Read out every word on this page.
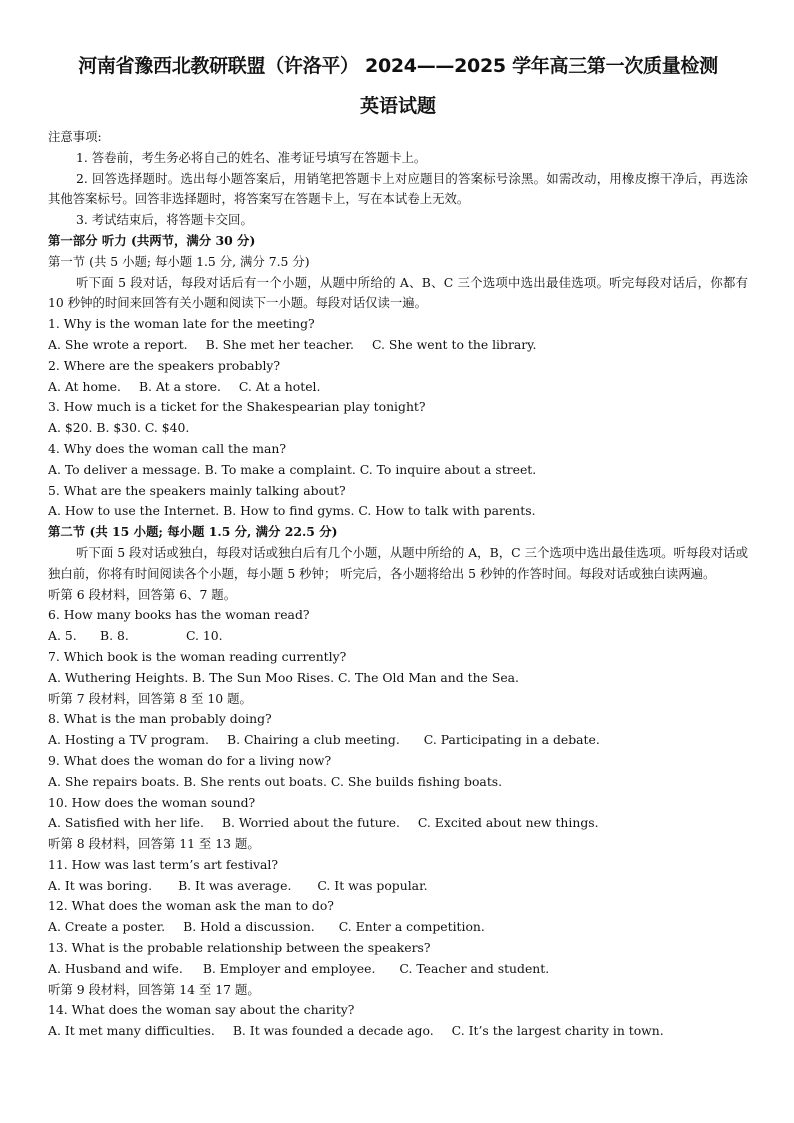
河南省豫西北教研联盟（许洛平） 2024——2025 学年高三第一次质量检测
英语试题
注意事项:
1. 答卷前，考生务必将自己的姓名、准考证号填写在答题卡上。
2. 回答选择题时。选出每小题答案后，用销笔把答题卡上对应题目的答案标号涂黑。如需改动，用橡皮擦干净后，再选涂其他答案标号。回答非选择题时，将答案写在答题卡上，写在本试卷上无效。
3. 考试结束后，将答题卡交回。
第一部分 听力 (共两节，满分 30 分)
第一节 (共 5 小题; 每小题 1.5 分, 满分 7.5 分)
听下面 5 段对话，每段对话后有一个小题，从题中所给的 A、B、C 三个选项中选出最佳选项。听完每段对话后，你都有 10 秒钟的时间来回答有关小题和阅读下一小题。每段对话仅读一遍。
1. Why is the woman late for the meeting?
A. She wrote a report. B. She met her teacher. C. She went to the library.
2. Where are the speakers probably?
A. At home. B. At a store. C. At a hotel.
3. How much is a ticket for the Shakespearian play tonight?
A. $20. B. $30. C. $40.
4. Why does the woman call the man?
A. To deliver a message. B. To make a complaint. C. To inquire about a street.
5. What are the speakers mainly talking about?
A. How to use the Internet. B. How to find gyms. C. How to talk with parents.
第二节 (共 15 小题; 每小题 1.5 分, 满分 22.5 分)
听下面 5 段对话或独白，每段对话或独白后有几个小题，从题中所给的 A，B，C 三个选项中选出最佳选项。听每段对话或独白前，你将有时间阅读各个小题，每小题 5 秒钟； 听完后，各小题将给出 5 秒钟的作答时间。每段对话或独白读两遍。
听第 6 段材料，回答第 6、7 题。
6. How many books has the woman read?
A. 5. B. 8.	C. 10.
7. Which book is the woman reading currently?
A. Wuthering Heights. B. The Sun Moo Rises. C. The Old Man and the Sea.
听第 7 段材料，回答第 8 至 10 题。
8. What is the man probably doing?
A. Hosting a TV program. B. Chairing a club meeting. C. Participating in a debate.
9. What does the woman do for a living now?
A. She repairs boats. B. She rents out boats. C. She builds fishing boats.
10. How does the woman sound?
A. Satisfied with her life. B. Worried about the future. C. Excited about new things.
听第 8 段材料，回答第 11 至 13 题。
11. How was last term’s art festival?
A. It was boring. B. It was average. C. It was popular.
12. What does the woman ask the man to do?
A. Create a poster. B. Hold a discussion. C. Enter a competition.
13. What is the probable relationship between the speakers?
A. Husband and wife. B. Employer and employee. C. Teacher and student.
听第 9 段材料，回答第 14 至 17 题。
14. What does the woman say about the charity?
A. It met many difficulties. B. It was founded a decade ago. C. It’s the largest charity in town.
